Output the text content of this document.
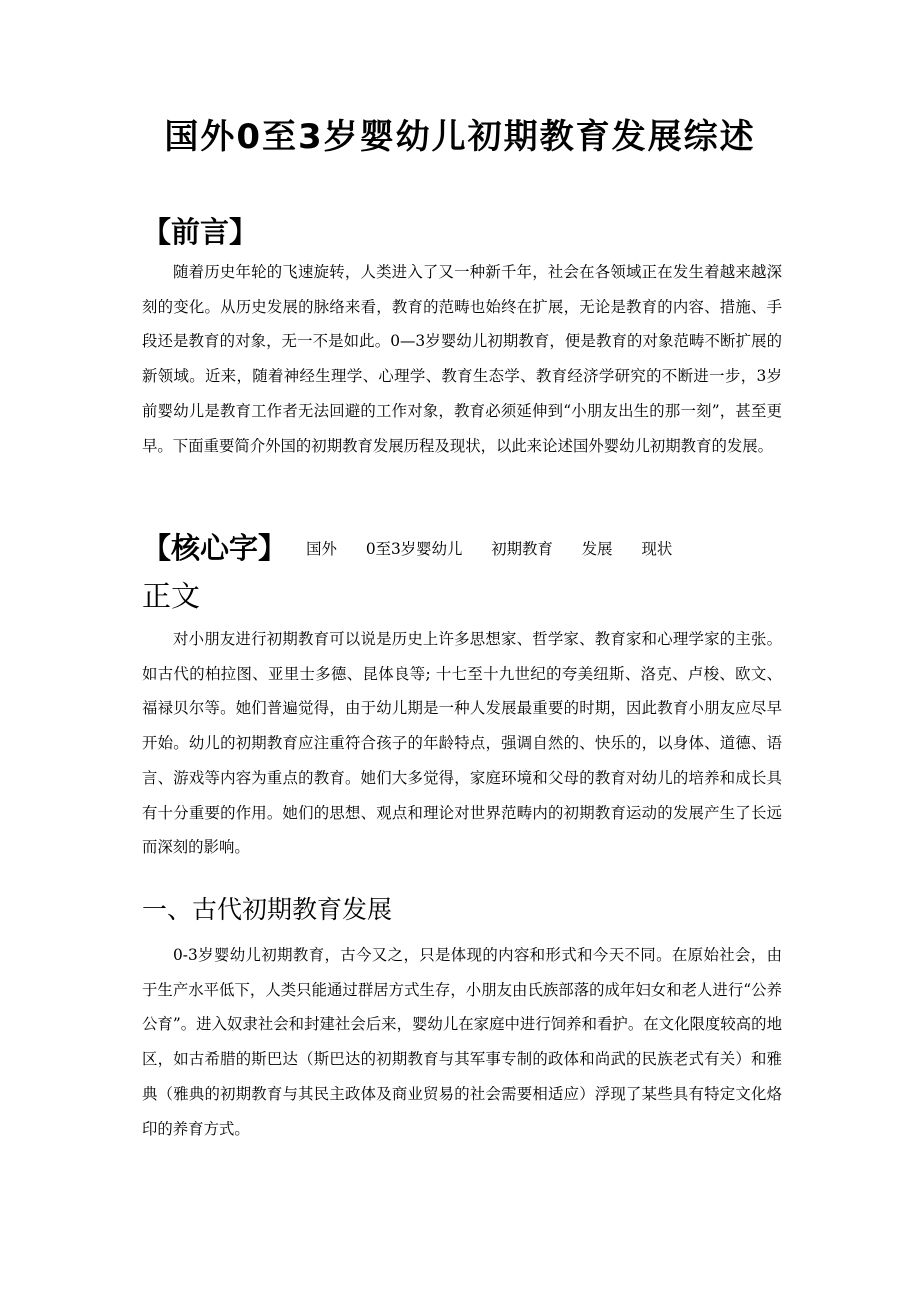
国外0至3岁婴幼儿初期教育发展综述
【前言】

随着历史年轮的飞速旋转，人类进入了又一种新千年，社会在各领域正在发生着越来越深刻的变化。从历史发展的脉络来看，教育的范畴也始终在扩展，无论是教育的内容、措施、手段还是教育的对象，无一不是如此。0—3岁婴幼儿初期教育，便是教育的对象范畴不断扩展的新领域。近来，随着神经生理学、心理学、教育生态学、教育经济学研究的不断进一步，3岁前婴幼儿是教育工作者无法回避的工作对象，教育必须延伸到“小朋友出生的那一刻”，甚至更早。下面重要简介外国的初期教育发展历程及现状，以此来论述国外婴幼儿初期教育的发展。

【核心字】 国外 0至3岁婴幼儿 初期教育 发展 现状
正文

对小朋友进行初期教育可以说是历史上许多思想家、哲学家、教育家和心理学家的主张。如古代的柏拉图、亚里士多德、昆体良等; 十七至十九世纪的夸美纽斯、洛克、卢梭、欧文、福禄贝尔等。她们普遍觉得，由于幼儿期是一种人发展最重要的时期，因此教育小朋友应尽早开始。幼儿的初期教育应注重符合孩子的年龄特点，强调自然的、快乐的，以身体、道德、语言、游戏等内容为重点的教育。她们大多觉得，家庭环境和父母的教育对幼儿的培养和成长具有十分重要的作用。她们的思想、观点和理论对世界范畴内的初期教育运动的发展产生了长远而深刻的影响。

一、古代初期教育发展

0-3岁婴幼儿初期教育，古今又之，只是体现的内容和形式和今天不同。在原始社会，由于生产水平低下，人类只能通过群居方式生存，小朋友由氏族部落的成年妇女和老人进行“公养公育”。进入奴隶社会和封建社会后来，婴幼儿在家庭中进行饲养和看护。在文化限度较高的地区，如古希腊的斯巴达（斯巴达的初期教育与其军事专制的政体和尚武的民族老式有关）和雅典（雅典的初期教育与其民主政体及商业贸易的社会需要相适应）浮现了某些具有特定文化烙印的养育方式。
